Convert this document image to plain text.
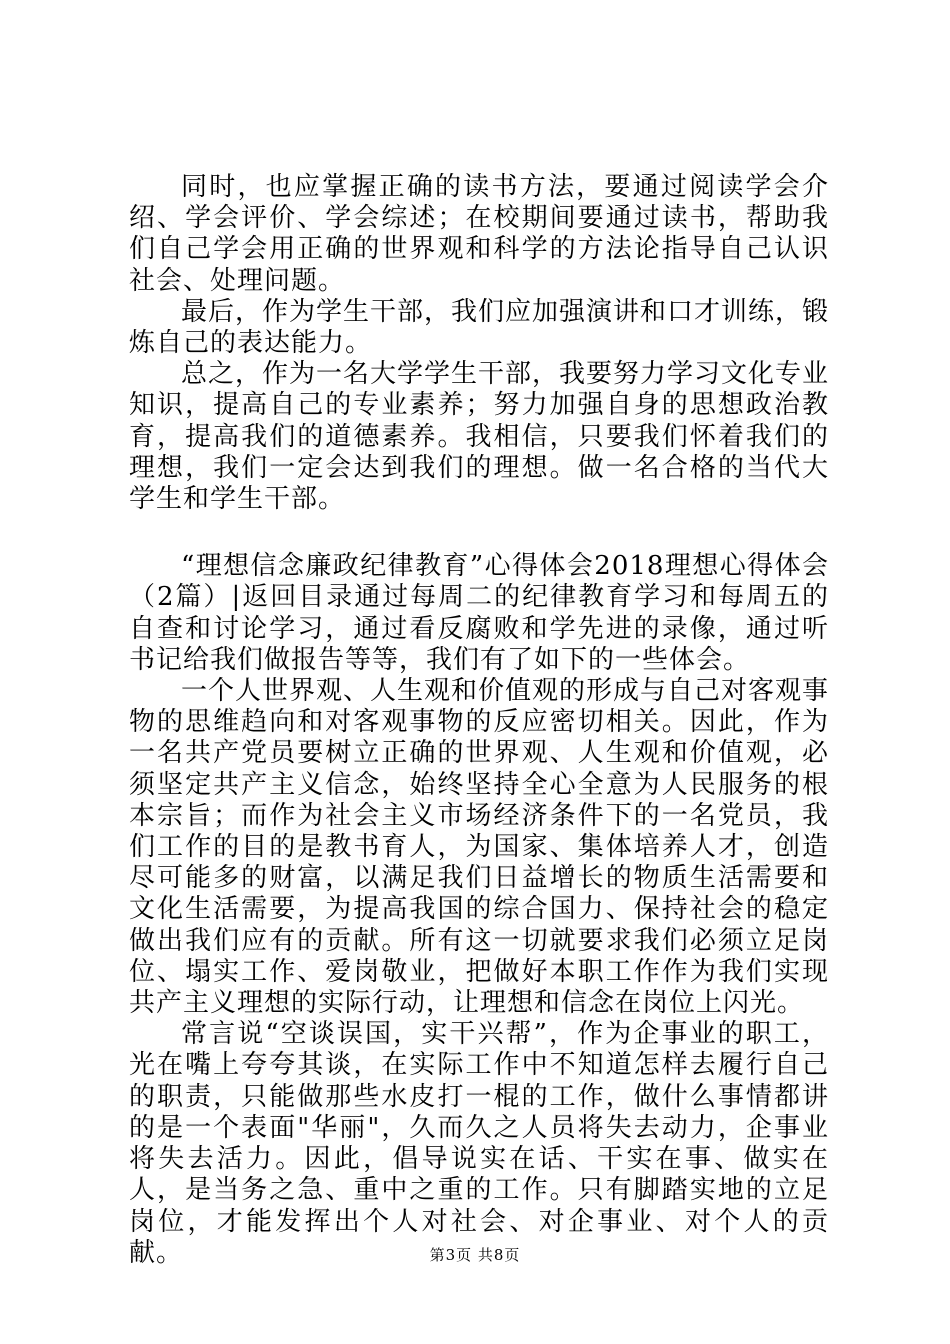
同时，也应掌握正确的读书方法，要通过阅读学会介绍、学会评价、学会综述；在校期间要通过读书，帮助我们自己学会用正确的世界观和科学的方法论指导自己认识社会、处理问题。

最后，作为学生干部，我们应加强演讲和口才训练，锻炼自己的表达能力。

总之，作为一名大学学生干部，我要努力学习文化专业知识，提高自己的专业素养；努力加强自身的思想政治教育，提高我们的道德素养。我相信，只要我们怀着我们的理想，我们一定会达到我们的理想。做一名合格的当代大学生和学生干部。

“理想信念廉政纪律教育”心得体会2018理想心得体会（2篇）|返回目录通过每周二的纪律教育学习和每周五的自查和讨论学习，通过看反腐败和学先进的录像，通过听书记给我们做报告等等，我们有了如下的一些体会。

一个人世界观、人生观和价值观的形成与自己对客观事物的思维趋向和对客观事物的反应密切相关。因此，作为一名共产党员要树立正确的世界观、人生观和价值观，必须坚定共产主义信念，始终坚持全心全意为人民服务的根本宗旨；而作为社会主义市场经济条件下的一名党员，我们工作的目的是教书育人，为国家、集体培养人才，创造尽可能多的财富，以满足我们日益增长的物质生活需要和文化生活需要，为提高我国的综合国力、保持社会的稳定做出我们应有的贡献。所有这一切就要求我们必须立足岗位、塌实工作、爱岗敬业，把做好本职工作作为我们实现共产主义理想的实际行动，让理想和信念在岗位上闪光。

常言说“空谈误国，实干兴帮”，作为企事业的职工，光在嘴上夸夸其谈，在实际工作中不知道怎样去履行自己的职责，只能做那些水皮打一棍的工作，做什么事情都讲的是一个表面"华丽"，久而久之人员将失去动力，企事业将失去活力。因此，倡导说实在话、干实在事、做实在人，是当务之急、重中之重的工作。只有脚踏实地的立足岗位，才能发挥出个人对社会、对企事业、对个人的贡献。	第3页 共8页
